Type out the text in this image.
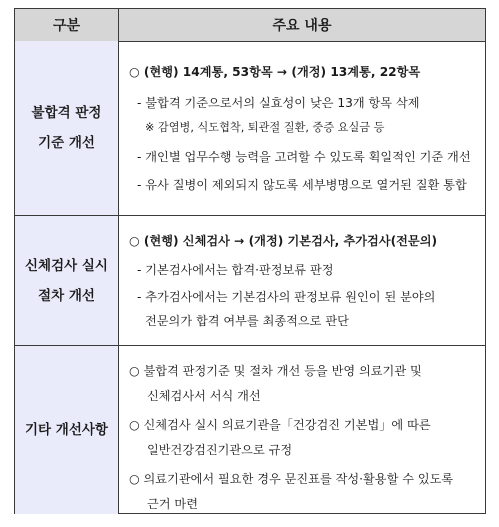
구분	주요 내용
불합격 판정
기준 개선
○ (현행) 14계통, 53항목 → (개정) 13계통, 22항목
- 불합격 기준으로서의 실효성이 낮은 13개 항목 삭제
※ 감염병, 식도협착, 퇴관절 질환, 중증 요실금 등
- 개인별 업무수행 능력을 고려할 수 있도록 획일적인 기준 개선
- 유사 질병이 제외되지 않도록 세부병명으로 열거된 질환 통합
신체검사 실시
절차 개선
○ (현행) 신체검사 → (개정) 기본검사, 추가검사(전문의)
- 기본검사에서는 합격·판정보류 판정
- 추가검사에서는 기본검사의 판정보류 원인이 된 분야의
전문의가 합격 여부를 최종적으로 판단
기타 개선사항
○ 불합격 판정기준 및 절차 개선 등을 반영 의료기관 및
신체검사서 서식 개선
○ 신체검사 실시 의료기관을「건강검진 기본법」에 따른
일반건강검진기관으로 규정
○ 의료기관에서 필요한 경우 문진표를 작성·활용할 수 있도록
근거 마련
